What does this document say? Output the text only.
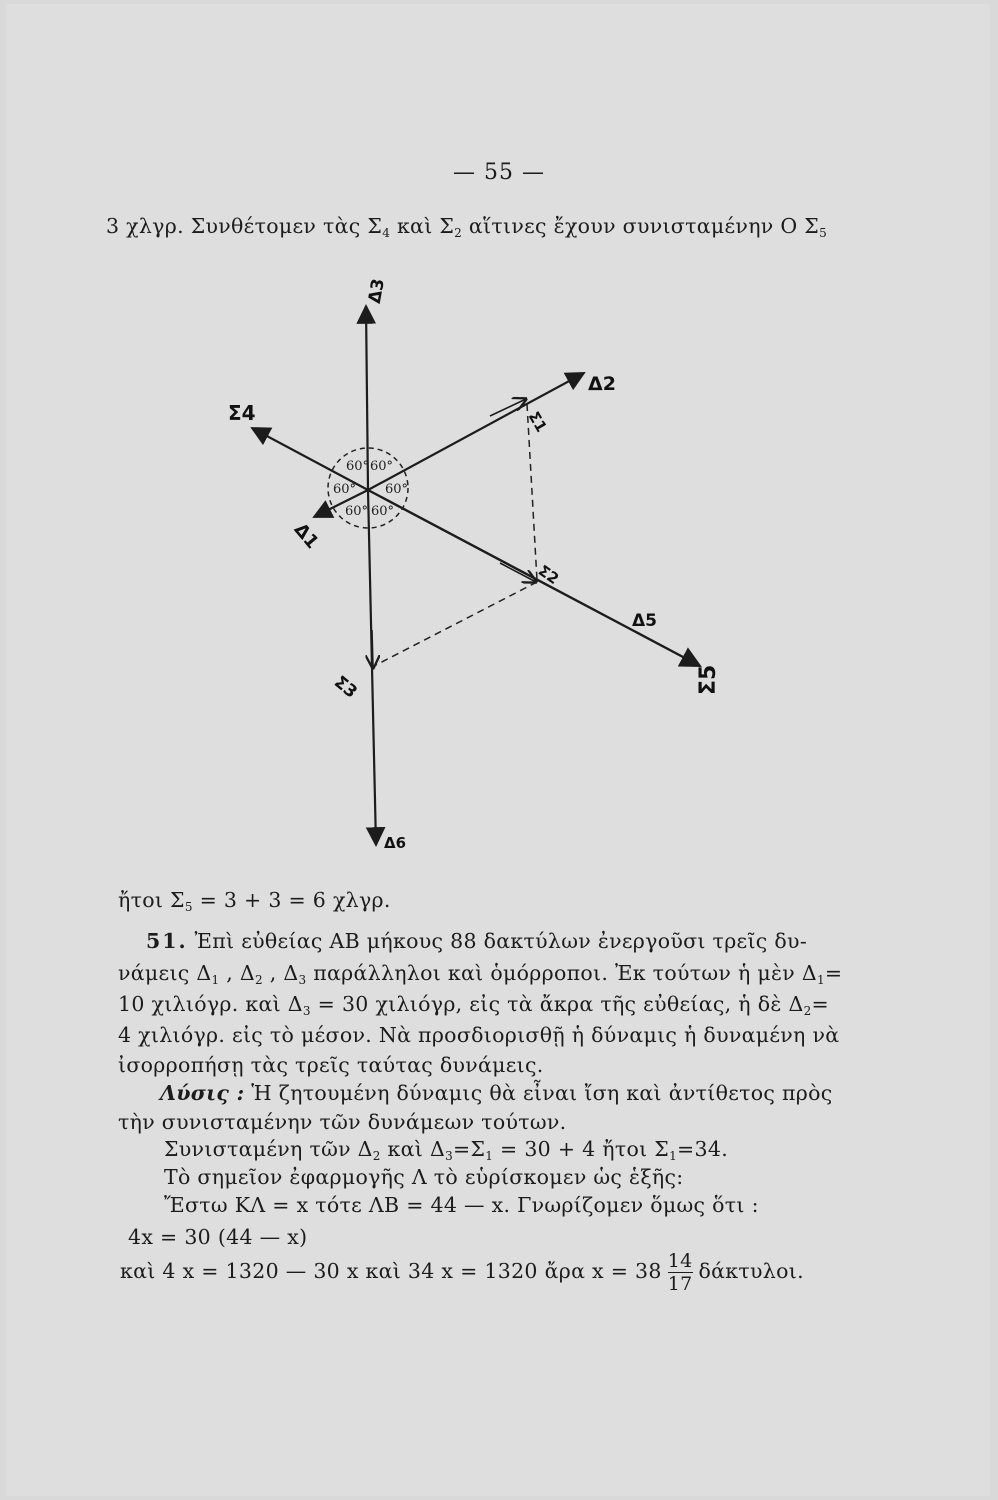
— 55 —
3 χλγρ. Συνθέτομεν τὰς $\Sigma_4$ καὶ $\Sigma_2$ αἵτινες ἔχουν συνισταμένην Ο $\Sigma_5$
60° 60°
60° 60°
60° 60°
Δ3
Δ2
Σ1
Σ4
Δ1
Σ2
Δ5
Σ5
Σ3
Δ6
ἤτοι $\Sigma_5 = 3 + 3 = 6$ χλγρ.
51. Ἐπὶ εὐθείας ΑΒ μήκους 88 δακτύλων ἐνεργοῦσι τρεῖς δυ-
νάμεις $\Delta_1$ , $\Delta_2$ , $\Delta_3$ παράλληλοι καὶ ὁμόρροποι. Ἐκ τούτων ἡ μὲν $\Delta_1=$
10 χιλιόγρ. καὶ $\Delta_3 = 30$ χιλιόγρ, εἰς τὰ ἄκρα τῆς εὐθείας, ἡ δὲ $\Delta_2=$
4 χιλιόγρ. εἰς τὸ μέσον. Νὰ προσδιορισθῇ ἡ δύναμις ἡ δυναμένη νὰ
ἰσορροπήσῃ τὰς τρεῖς ταύτας δυνάμεις.
Λύσις : Ἡ ζητουμένη δύναμις θὰ εἶναι ἴση καὶ ἀντίθετος πρὸς
τὴν συνισταμένην τῶν δυνάμεων τούτων.
Συνισταμένη τῶν $\Delta_2$ καὶ $\Delta_3=\Sigma_1 = 30 + 4$ ἤτοι $\Sigma_1=34$.
Τὸ σημεῖον ἐφαρμογῆς Λ τὸ εὑρίσκομεν ὡς ἑξῆς:
Ἔστω ΚΛ = x τότε ΛΒ = 44 — x. Γνωρίζομεν ὅμως ὅτι :
4x = 30 (44 — x)
καὶ 4 x = 1320 — 30 x καὶ 34 x = 1320 ἄρα $x = 38 \frac{14}{17} \delta ά\kappa\tau\upsilon\lambda o\iota$.
